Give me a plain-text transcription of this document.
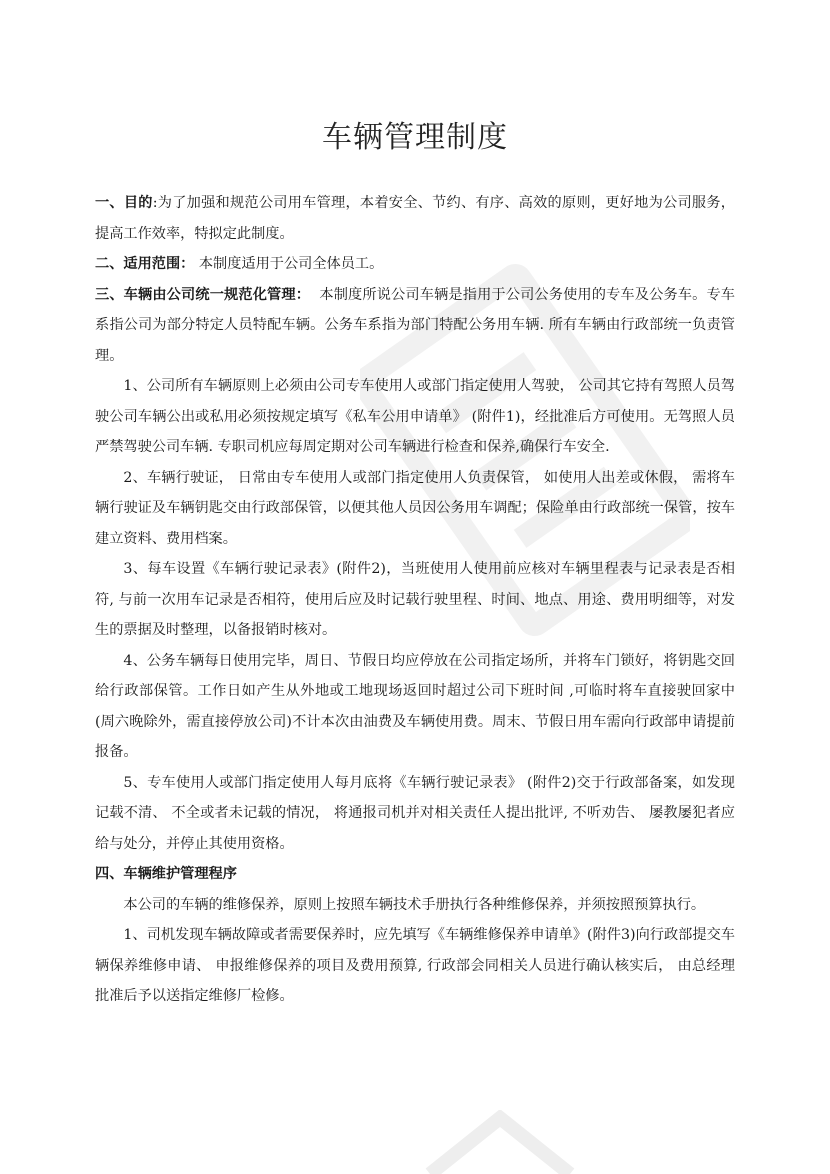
车辆管理制度

一、目的:为了加强和规范公司用车管理，本着安全、节约、有序、高效的原则，更好地为公司服务，提高工作效率，特拟定此制度。

二、适用范围： 本制度适用于公司全体员工。

三、车辆由公司统一规范化管理： 本制度所说公司车辆是指用于公司公务使用的专车及公务车。专车系指公司为部分特定人员特配车辆。公务车系指为部门特配公务用车辆. 所有车辆由行政部统一负责管理。

1、公司所有车辆原则上必须由公司专车使用人或部门指定使用人驾驶， 公司其它持有驾照人员驾驶公司车辆公出或私用必须按规定填写《私车公用申请单》 (附件1)，经批准后方可使用。无驾照人员严禁驾驶公司车辆. 专职司机应每周定期对公司车辆进行检查和保养,确保行车安全.

2、车辆行驶证， 日常由专车使用人或部门指定使用人负责保管， 如使用人出差或休假， 需将车辆行驶证及车辆钥匙交由行政部保管，以便其他人员因公务用车调配；保险单由行政部统一保管，按车建立资料、费用档案。

3、每车设置《车辆行驶记录表》(附件2)，当班使用人使用前应核对车辆里程表与记录表是否相符, 与前一次用车记录是否相符，使用后应及时记载行驶里程、时间、地点、用途、费用明细等，对发生的票据及时整理，以备报销时核对。

4、公务车辆每日使用完毕，周日、节假日均应停放在公司指定场所，并将车门锁好，将钥匙交回给行政部保管。工作日如产生从外地或工地现场返回时超过公司下班时间 ,可临时将车直接驶回家中 (周六晚除外，需直接停放公司)不计本次由油费及车辆使用费。周末、节假日用车需向行政部申请提前报备。

5、专车使用人或部门指定使用人每月底将《车辆行驶记录表》 (附件2)交于行政部备案，如发现记载不清、 不全或者未记载的情况， 将通报司机并对相关责任人提出批评, 不听劝告、 屡教屡犯者应给与处分，并停止其使用资格。

四、车辆维护管理程序

本公司的车辆的维修保养，原则上按照车辆技术手册执行各种维修保养，并须按照预算执行。

1、司机发现车辆故障或者需要保养时，应先填写《车辆维修保养申请单》(附件3)向行政部提交车辆保养维修申请、 申报维修保养的项目及费用预算, 行政部会同相关人员进行确认核实后， 由总经理批准后予以送指定维修厂检修。
